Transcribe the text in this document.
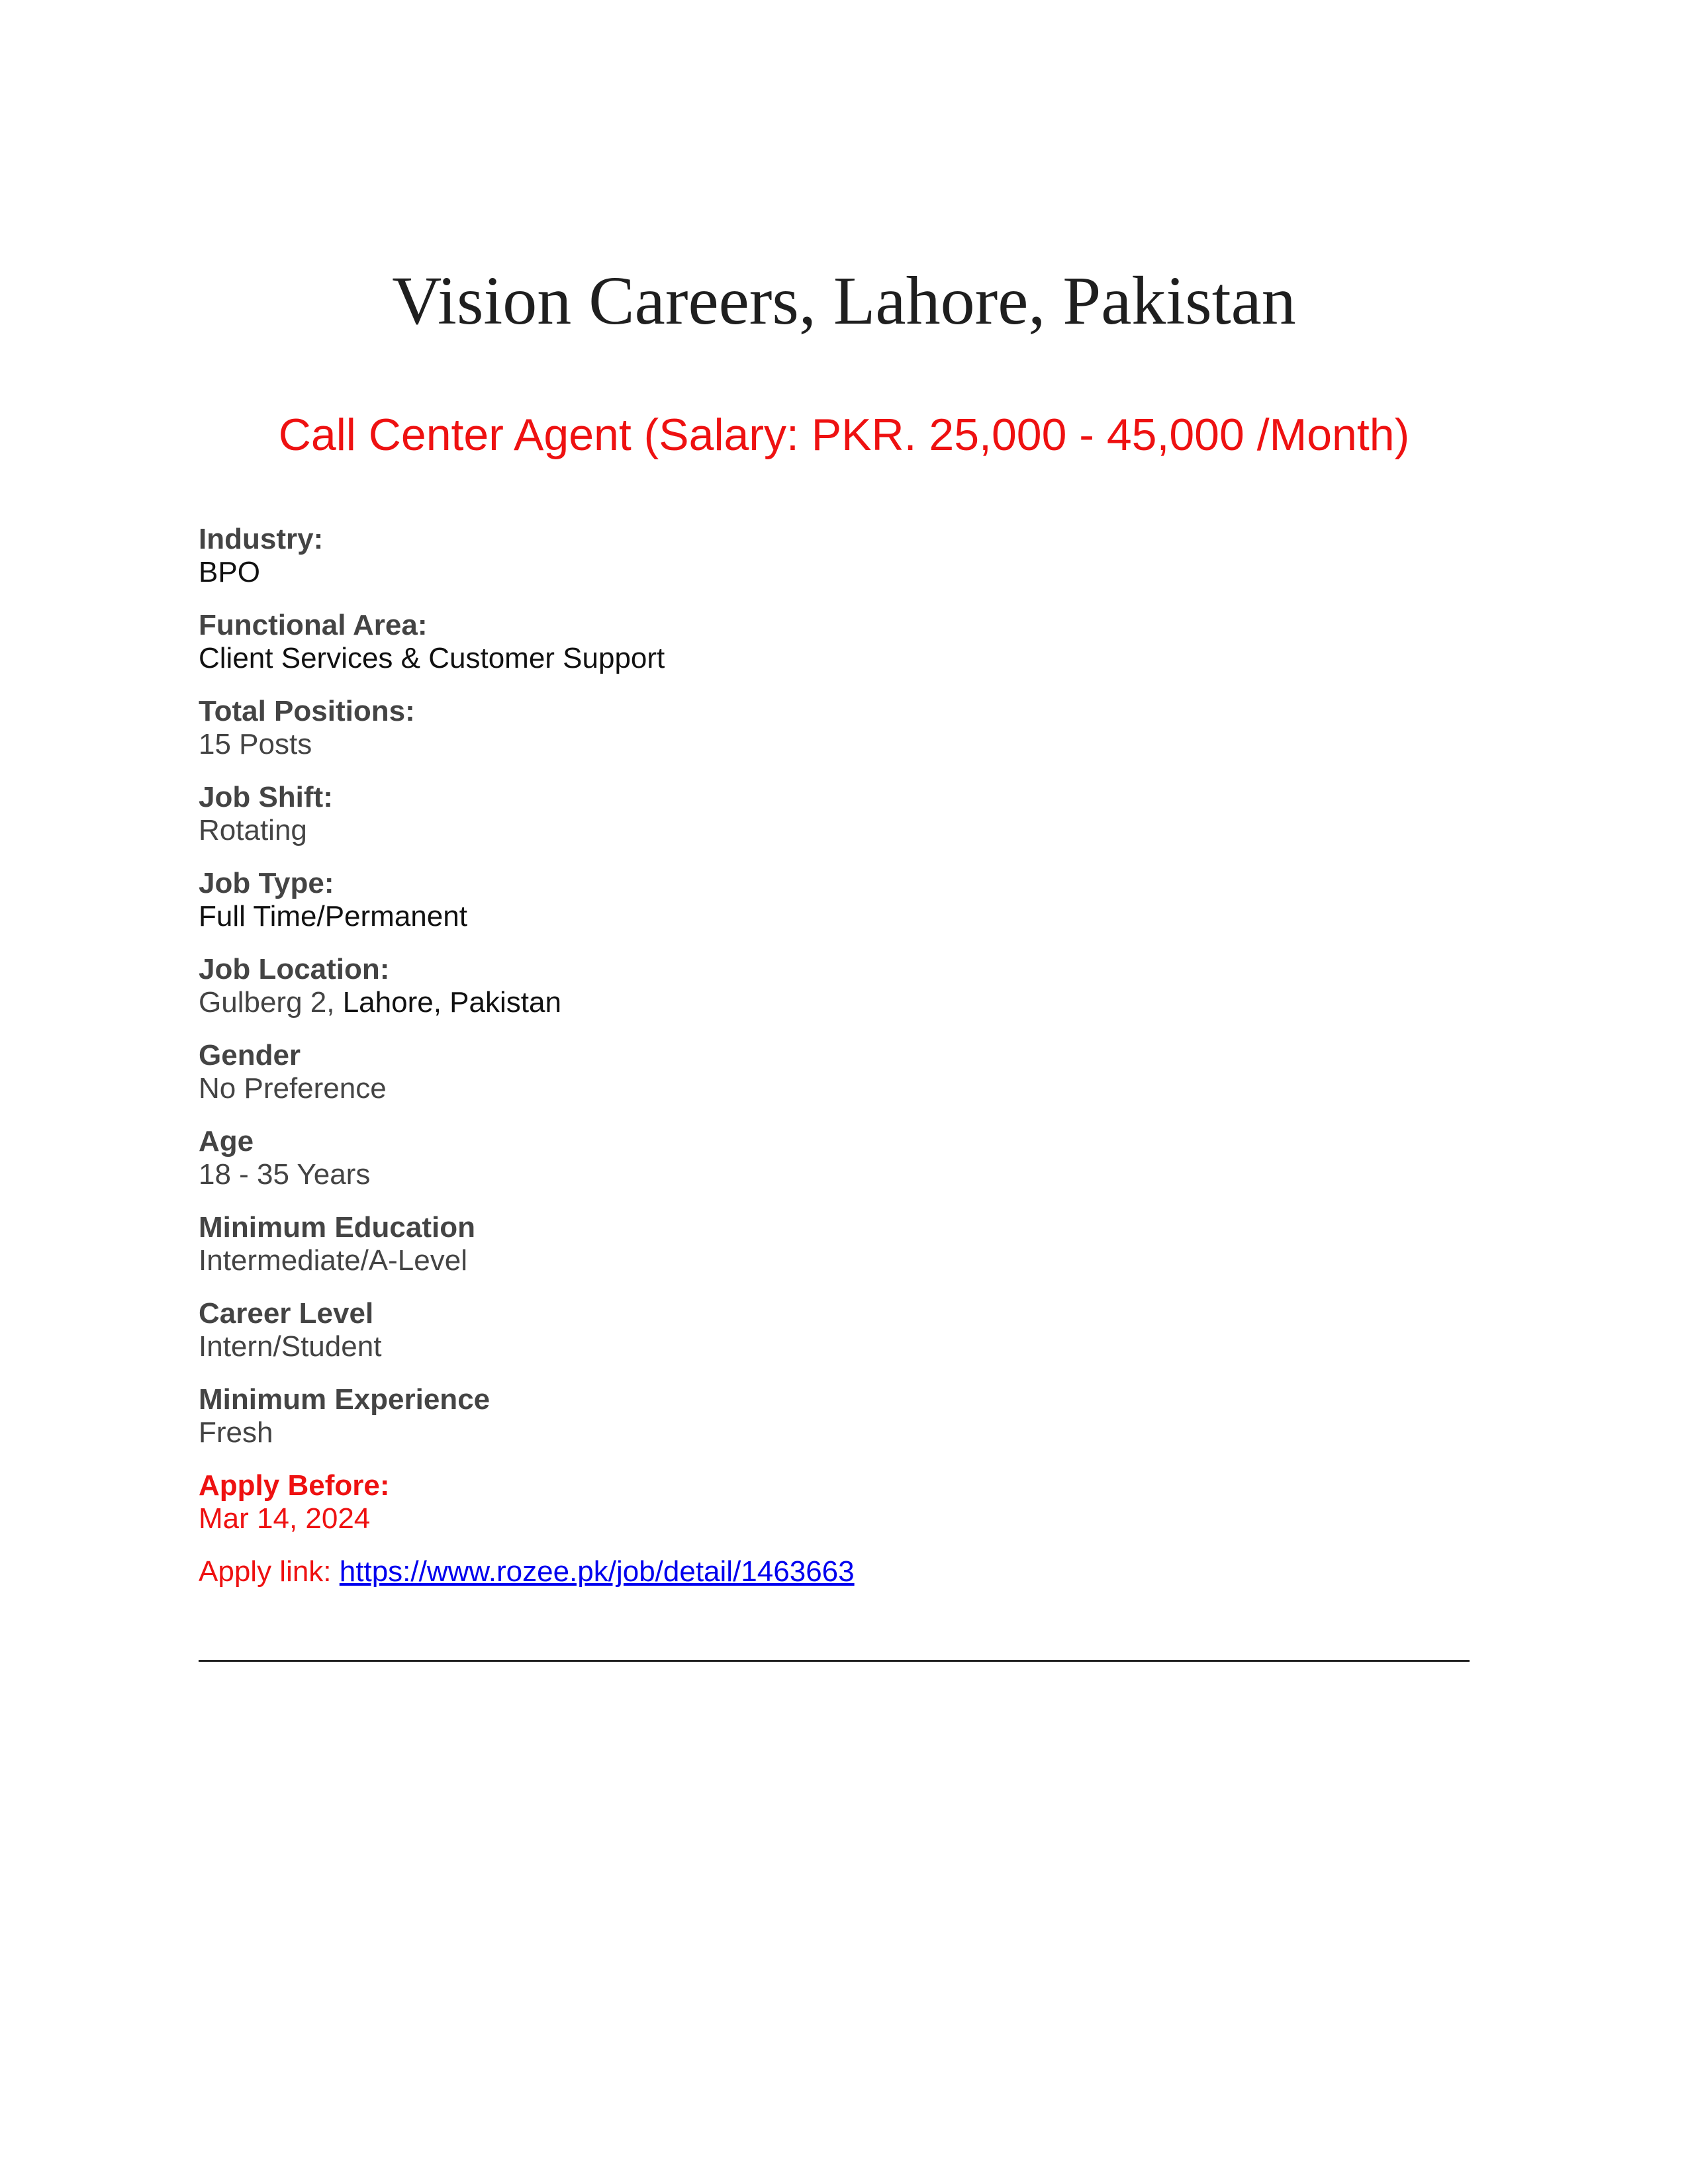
Vision Careers, Lahore, Pakistan
Call Center Agent (Salary: PKR. 25,000 - 45,000 /Month)
Industry:
BPO
Functional Area:
Client Services & Customer Support
Total Positions:
15 Posts
Job Shift:
Rotating
Job Type:
Full Time/Permanent
Job Location:
Gulberg 2, Lahore, Pakistan
Gender
No Preference
Age
18 - 35 Years
Minimum Education
Intermediate/A-Level
Career Level
Intern/Student
Minimum Experience
Fresh
Apply Before:
Mar 14, 2024

Apply link: https://www.rozee.pk/job/detail/1463663
